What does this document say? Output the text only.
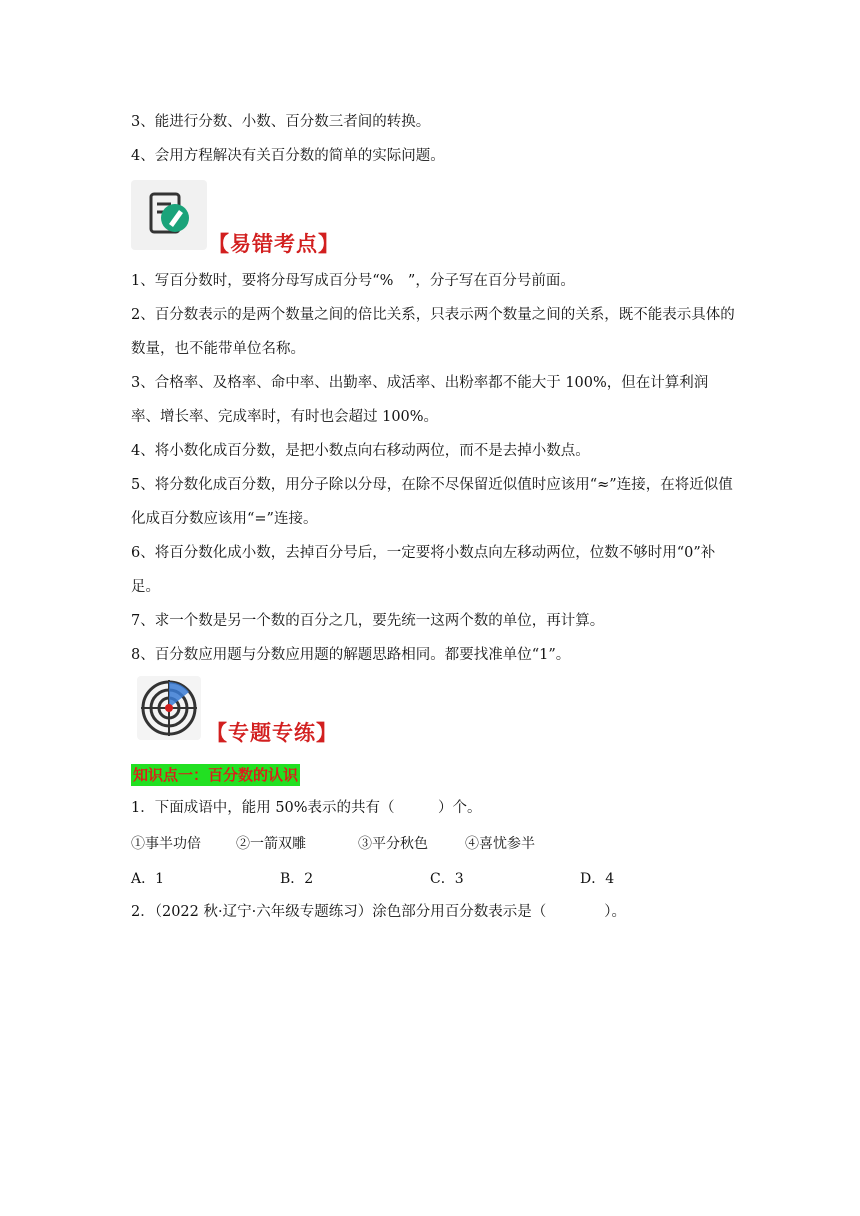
3、能进行分数、小数、百分数三者间的转换。
4、会用方程解决有关百分数的简单的实际问题。
【易错考点】
1、写百分数时，要将分母写成百分号“%　”，分子写在百分号前面。
2、百分数表示的是两个数量之间的倍比关系，只表示两个数量之间的关系，既不能表示具体的数量，也不能带单位名称。
3、合格率、及格率、命中率、出勤率、成活率、出粉率都不能大于 100%，但在计算利润率、增长率、完成率时，有时也会超过 100%。
4、将小数化成百分数，是把小数点向右移动两位，而不是去掉小数点。
5、将分数化成百分数，用分子除以分母，在除不尽保留近似值时应该用“≈”连接，在将近似值化成百分数应该用“=”连接。
6、将百分数化成小数，去掉百分号后，一定要将小数点向左移动两位，位数不够时用“0”补足。
7、求一个数是另一个数的百分之几，要先统一这两个数的单位，再计算。
8、百分数应用题与分数应用题的解题思路相同。都要找准单位“1”。
【专题专练】
知识点一：百分数的认识
1．下面成语中，能用 50%表示的共有（　　　）个。
①事半功倍	②一箭双雕	③平分秋色	④喜忧参半
A．1	B．2	C．3	D．4
2．（2022 秋·辽宁·六年级专题练习）涂色部分用百分数表示是（　　　　）。
